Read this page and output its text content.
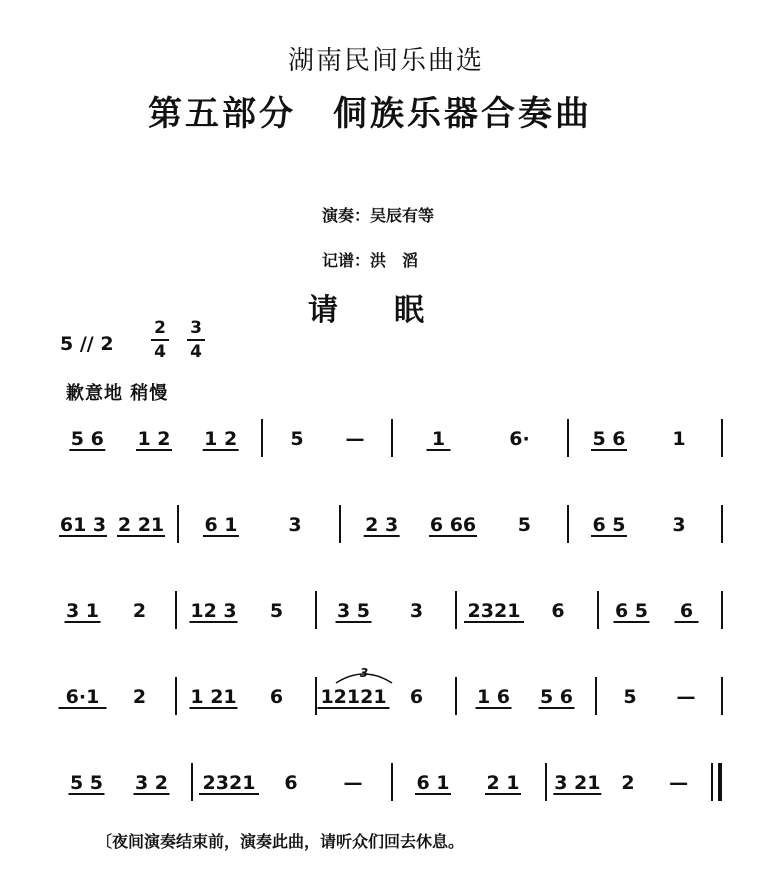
湖南民间乐曲选
第五部分　侗族乐器合奏曲
演奏：吴辰有等
记谱：洪　滔
请眠
5 // 2
2
4
3
4
歉意地 稍慢
5 6 1 2 1 2	5 —	1	6·	5 6 1
61 3 2 21 6 1	3	2 3 6 66 5	6 5 3
3 1 2 12 3 5	3 5 3 2321 6	6 5 6
6·1 2 1 21 6 12121 6	1 6 5 6	5 —
5 5 3 2 2321 6 —	6 1 2 1 3 21 2 —
3
〔夜间演奏结束前，演奏此曲，请听众们回去休息。
